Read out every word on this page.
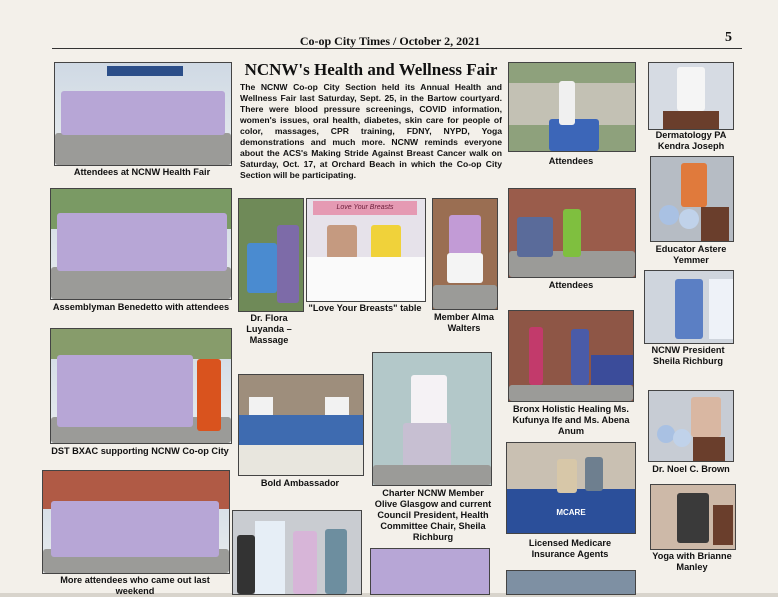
Co-op City Times / October 2, 2021	5
Attendees at NCNW Health Fair
Assemblyman Benedetto with attendees
DST BXAC supporting NCNW Co-op City
More attendees who came out last weekend
NCNW's Health and Wellness Fair
The NCNW Co-op City Section held its Annual Health and Wellness Fair last Saturday, Sept. 25, in the Bartow courtyard. There were blood pressure screenings, COVID information, women's issues, oral health, diabetes, skin care for people of color, massages, CPR training, FDNY, NYPD, Yoga demonstrations and much more. NCNW reminds everyone about the ACS's Making Stride Against Breast Cancer walk on Saturday, Oct. 17, at Orchard Beach in which the Co-op City Section will be participating.
Dr. Flora Luyanda – Massage
Love Your Breasts
"Love Your Breasts" table
Member Alma Walters
Bold Ambassador
Charter NCNW Member Olive Glasgow and current Council President, Health Committee Chair, Sheila Richburg
Attendees
Attendees
Bronx Holistic Healing Ms. Kufunya Ife and Ms. Abena Anum
MCARE
Licensed Medicare Insurance Agents
Dermatology PA Kendra Joseph
Educator Astere Yemmer
NCNW President Sheila Richburg
Dr. Noel C. Brown
Yoga with Brianne Manley
